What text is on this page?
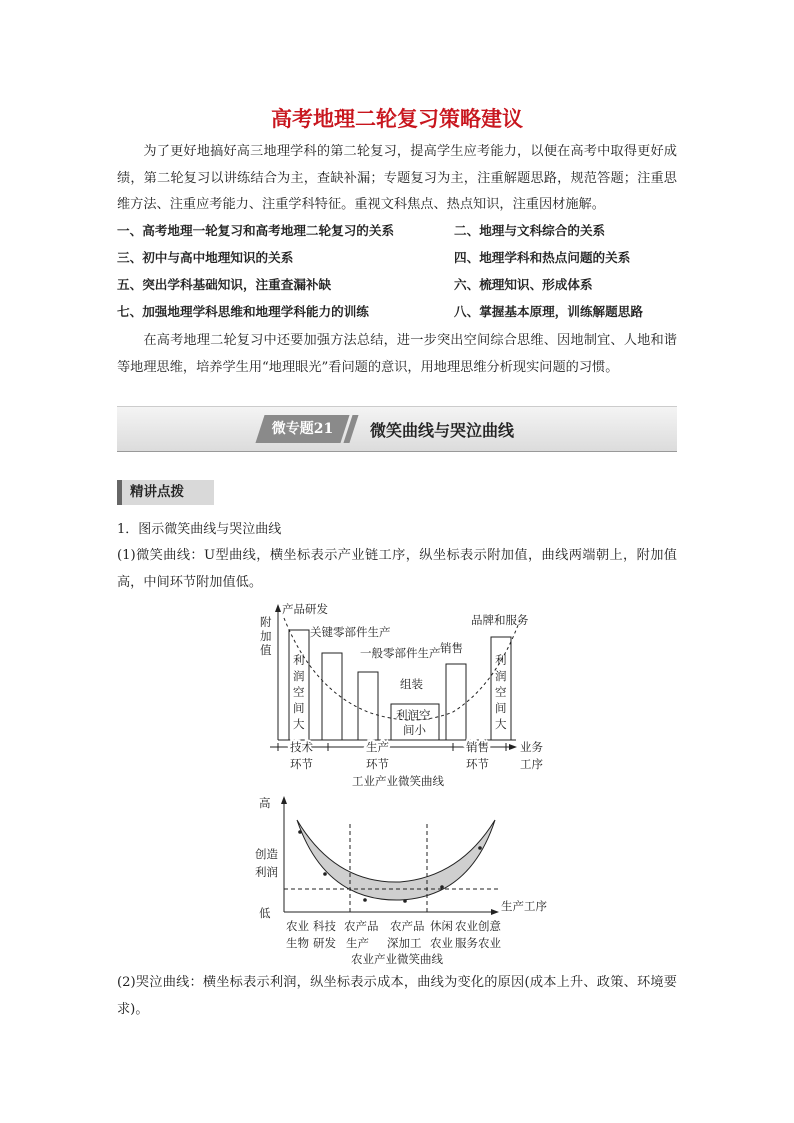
高考地理二轮复习策略建议
为了更好地搞好高三地理学科的第二轮复习，提高学生应考能力，以便在高考中取得更好成绩，第二轮复习以讲练结合为主，查缺补漏；专题复习为主，注重解题思路，规范答题；注重思维方法、注重应考能力、注重学科特征。重视文科焦点、热点知识，注重因材施解。
一、高考地理一轮复习和高考地理二轮复习的关系	二、地理与文科综合的关系
三、初中与高中地理知识的关系	四、地理学科和热点问题的关系
五、突出学科基础知识，注重查漏补缺	六、梳理知识、形成体系
七、加强地理学科思维和地理学科能力的训练	八、掌握基本原理，训练解题思路
在高考地理二轮复习中还要加强方法总结，进一步突出空间综合思维、因地制宜、人地和谐等地理思维，培养学生用“地理眼光”看问题的意识，用地理思维分析现实问题的习惯。
微专题21	微笑曲线与哭泣曲线
精讲点拨
1．图示微笑曲线与哭泣曲线
(1)微笑曲线：U型曲线，横坐标表示产业链工序，纵坐标表示附加值，曲线两端朝上，附加值高，中间环节附加值低。
附
加
值
产品研发
关键零部件生产
一般零部件生产
组装
销售
品牌和服务
利
润
空
间
大
利
润
空
间
大
利润空
间小
技术
环节
生产
环节
销售
环节
业务
工序
工业产业微笑曲线
高
创造
利润
低	生产工序
农业
生物
科技
研发
农产品
生产
农产品
深加工
休闲
农业
农业创意
服务农业
农业产业微笑曲线
(2)哭泣曲线：横坐标表示利润，纵坐标表示成本，曲线为变化的原因(成本上升、政策、环境要求)。
